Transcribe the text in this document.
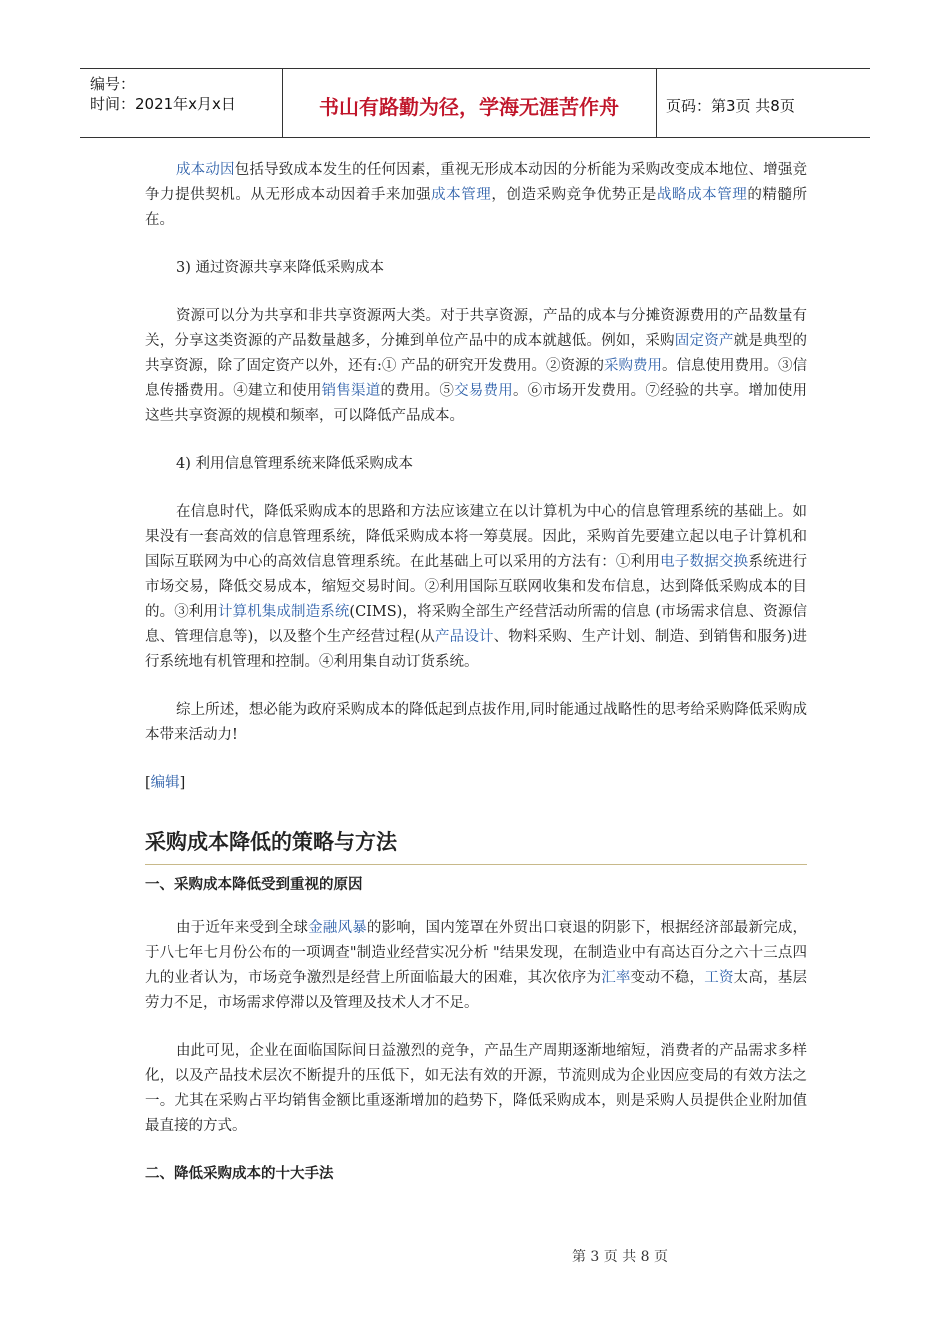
编号：
时间：2021年x月x日	书山有路勤为径，学海无涯苦作舟	页码：第3页 共8页

成本动因包括导致成本发生的任何因素，重视无形成本动因的分析能为采购改变成本地位、增强竞争力提供契机。从无形成本动因着手来加强成本管理，创造采购竞争优势正是战略成本管理的精髓所在。

3) 通过资源共享来降低采购成本

资源可以分为共享和非共享资源两大类。对于共享资源，产品的成本与分摊资源费用的产品数量有关，分享这类资源的产品数量越多，分摊到单位产品中的成本就越低。例如，采购固定资产就是典型的共享资源，除了固定资产以外，还有:① 产品的研究开发费用。②资源的采购费用。信息使用费用。③信息传播费用。④建立和使用销售渠道的费用。⑤交易费用。⑥市场开发费用。⑦经验的共享。增加使用这些共享资源的规模和频率，可以降低产品成本。

4) 利用信息管理系统来降低采购成本

在信息时代，降低采购成本的思路和方法应该建立在以计算机为中心的信息管理系统的基础上。如果没有一套高效的信息管理系统，降低采购成本将一筹莫展。因此，采购首先要建立起以电子计算机和国际互联网为中心的高效信息管理系统。在此基础上可以采用的方法有：①利用电子数据交换系统进行市场交易，降低交易成本，缩短交易时间。②利用国际互联网收集和发布信息，达到降低采购成本的目的。③利用计算机集成制造系统(CIMS)，将采购全部生产经营活动所需的信息 (市场需求信息、资源信息、管理信息等)，以及整个生产经营过程(从产品设计、物料采购、生产计划、制造、到销售和服务)进行系统地有机管理和控制。④利用集自动订货系统。

综上所述，想必能为政府采购成本的降低起到点拔作用,同时能通过战略性的思考给采购降低采购成本带来活动力!

[编辑]
采购成本降低的策略与方法
一、采购成本降低受到重视的原因

由于近年来受到全球金融风暴的影响，国内笼罩在外贸出口衰退的阴影下，根据经济部最新完成，于八七年七月份公布的一项调查"制造业经营实况分析 "结果发现，在制造业中有高达百分之六十三点四九的业者认为，市场竞争激烈是经营上所面临最大的困难，其次依序为汇率变动不稳，工资太高，基层劳力不足，市场需求停滞以及管理及技术人才不足。

由此可见，企业在面临国际间日益激烈的竞争，产品生产周期逐渐地缩短，消费者的产品需求多样化，以及产品技术层次不断提升的压低下，如无法有效的开源，节流则成为企业因应变局的有效方法之一。尤其在采购占平均销售金额比重逐渐增加的趋势下，降低采购成本，则是采购人员提供企业附加值最直接的方式。

二、降低采购成本的十大手法
第 3 页 共 8 页
